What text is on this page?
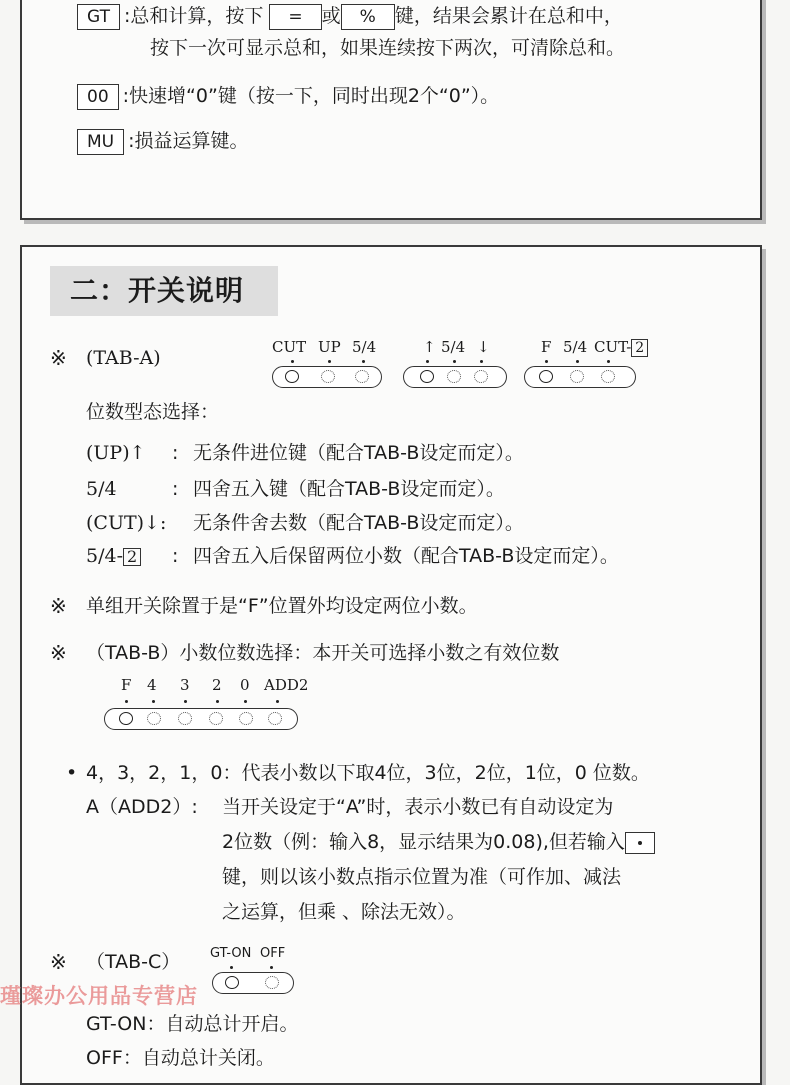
GT :总和计算，按下 = 或 % 键，结果会累计在总和中，
按下一次可显示总和，如果连续按下两次，可清除总和。
00 :快速增“0”键（按一下，同时出现2个“0”）。
MU :损益运算键。
二：开关说明
※ (TAB-A)	CUT UP 5/4	↑ 5/4 ↓	F 5/4 CUT- 2
位数型态选择：
(UP)↑ : 无条件进位键（配合TAB-B设定而定）。
5/4	: 四舍五入键（配合TAB-B设定而定）。
(CUT)↓: 无条件舍去数（配合TAB-B设定而定）。
5/4- 2 : 四舍五入后保留两位小数（配合TAB-B设定而定）。
※ 单组开关除置于是“F”位置外均设定两位小数。
※ （TAB-B）小数位数选择：本开关可选择小数之有效位数
F 4 3 2 0 ADD2
• 4，3，2，1，0：代表小数以下取4位，3位，2位，1位，0 位数。
A（ADD2）: 当开关设定于“A”时，表示小数已有自动设定为
2位数（例：输入8，显示结果为0.08),但若输入
键，则以该小数点指示位置为准（可作加、减法
之运算，但乘 、除法无效）。
※ （TAB-C） GT-ON OFF
GT-ON：自动总计开启。
OFF：自动总计关闭。
瑾璨办公用品专营店
